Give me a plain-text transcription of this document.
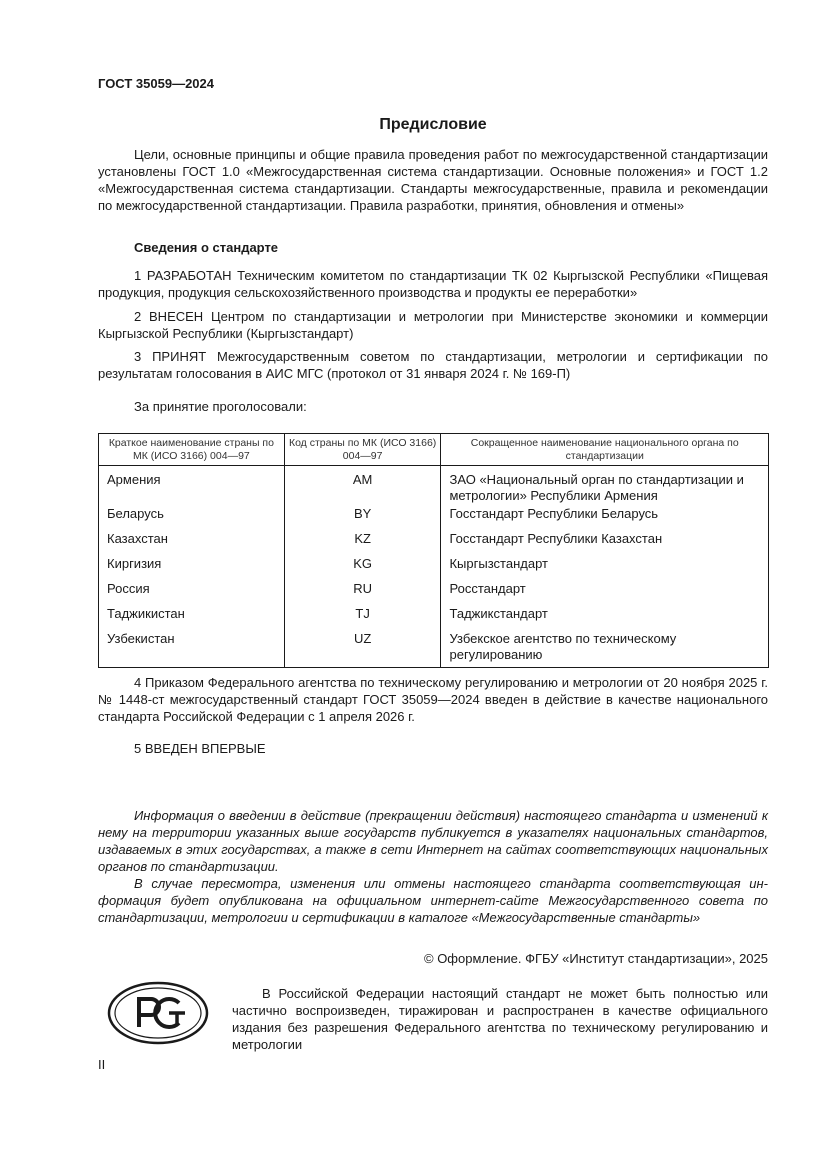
ГОСТ 35059—2024
Предисловие
Цели, основные принципы и общие правила проведения работ по межгосударственной стандартизации установлены ГОСТ 1.0 «Межгосударственная система стандартизации. Основные положения» и ГОСТ 1.2 «Межгосударственная система стандартизации. Стандарты межгосударственные, правила и рекомендации по межгосударственной стандартизации. Правила разработки, принятия, обновления и отмены»
Сведения о стандарте
1 РАЗРАБОТАН Техническим комитетом по стандартизации ТК 02 Кыргызской Республики «Пищевая продукция, продукция сельскохозяйственного производства и продукты ее переработки»
2 ВНЕСЕН Центром по стандартизации и метрологии при Министерстве экономики и коммерции Кыргызской Республики (Кыргызстандарт)
3 ПРИНЯТ Межгосударственным советом по стандартизации, метрологии и сертификации по результатам голосования в АИС МГС (протокол от 31 января 2024 г. № 169-П)
За принятие проголосовали:
Краткое наименование страны по МК (ИСО 3166) 004—97	Код страны по МК (ИСО 3166) 004—97	Сокращенное наименование национального органа по стандартизации
Армения	AM	ЗАО «Национальный орган по стандартизации и метрологии» Республики Армения
Беларусь	BY	Госстандарт Республики Беларусь
Казахстан	KZ	Госстандарт Республики Казахстан
Киргизия	KG	Кыргызстандарт
Россия	RU	Росстандарт
Таджикистан	TJ	Таджикстандарт
Узбекистан	UZ	Узбекское агентство по техническому регулированию
4 Приказом Федерального агентства по техническому регулированию и метрологии от 20 ноября 2025 г. № 1448-ст межгосударственный стандарт ГОСТ 35059—2024 введен в действие в качестве национального стандарта Российской Федерации с 1 апреля 2026 г.
5 ВВЕДЕН ВПЕРВЫЕ
Информация о введении в действие (прекращении действия) настоящего стандарта и изменений к нему на территории указанных выше государств публикуется в указателях национальных стандартов, издаваемых в этих государствах, а также в сети Интернет на сайтах соответствующих национальных органов по стандартизации.
В случае пересмотра, изменения или отмены настоящего стандарта соответствующая информация будет опубликована на официальном интернет-сайте Межгосударственного совета по стандартизации, метрологии и сертификации в каталоге «Межгосударственные стандарты»
© Оформление. ФГБУ «Институт стандартизации», 2025
В Российской Федерации настоящий стандарт не может быть полностью или частично воспроизведен, тиражирован и распространен в качестве официального издания без разрешения Федерального агентства по техническому регулированию и метрологии
II
